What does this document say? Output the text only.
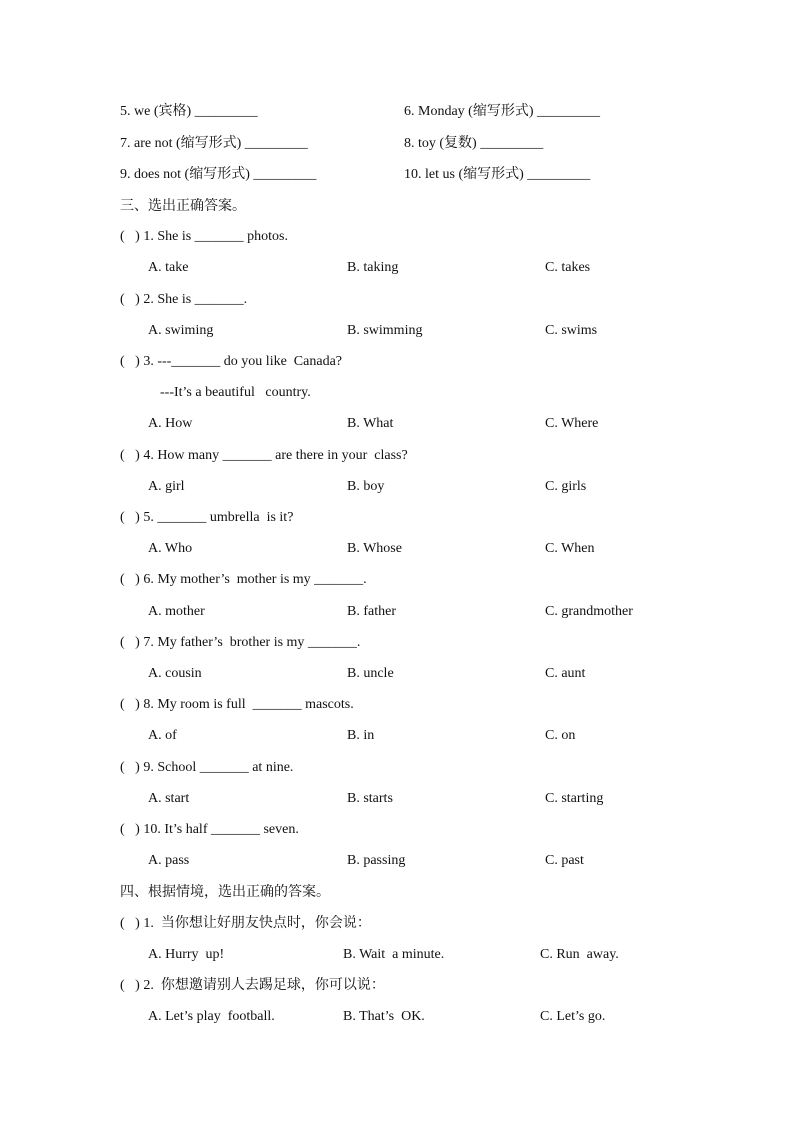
5. we (宾格) _________	6. Monday (缩写形式) _________
7. are not (缩写形式) _________	8. toy (复数) _________
9. does not (缩写形式) _________	10. let us (缩写形式) _________
三、选出正确答案。
(   ) 1. She is _______ photos.
A. take	B. taking	C. takes
(   ) 2. She is _______.
A. swiming	B. swimming	C. swims
(   ) 3. ---_______ do you like  Canada?
---It’s a beautiful   country.
A. How	B. What	C. Where
(   ) 4. How many _______ are there in your  class?
A. girl	B. boy	C. girls
(   ) 5. _______ umbrella  is it?
A. Who	B. Whose	C. When
(   ) 6. My mother’s  mother is my _______.
A. mother	B. father	C. grandmother
(   ) 7. My father’s  brother is my _______.
A. cousin	B. uncle	C. aunt
(   ) 8. My room is full  _______ mascots.
A. of	B. in	C. on
(   ) 9. School _______ at nine.
A. start	B. starts	C. starting
(   ) 10. It’s half _______ seven.
A. pass	B. passing	C. past
四、根据情境，选出正确的答案。
(   ) 1.  当你想让好朋友快点时，你会说：
A. Hurry  up!	B. Wait  a minute.	C. Run  away.
(   ) 2.  你想邀请别人去踢足球，你可以说：
A. Let’s play  football.	B. That’s  OK.	C. Let’s go.
